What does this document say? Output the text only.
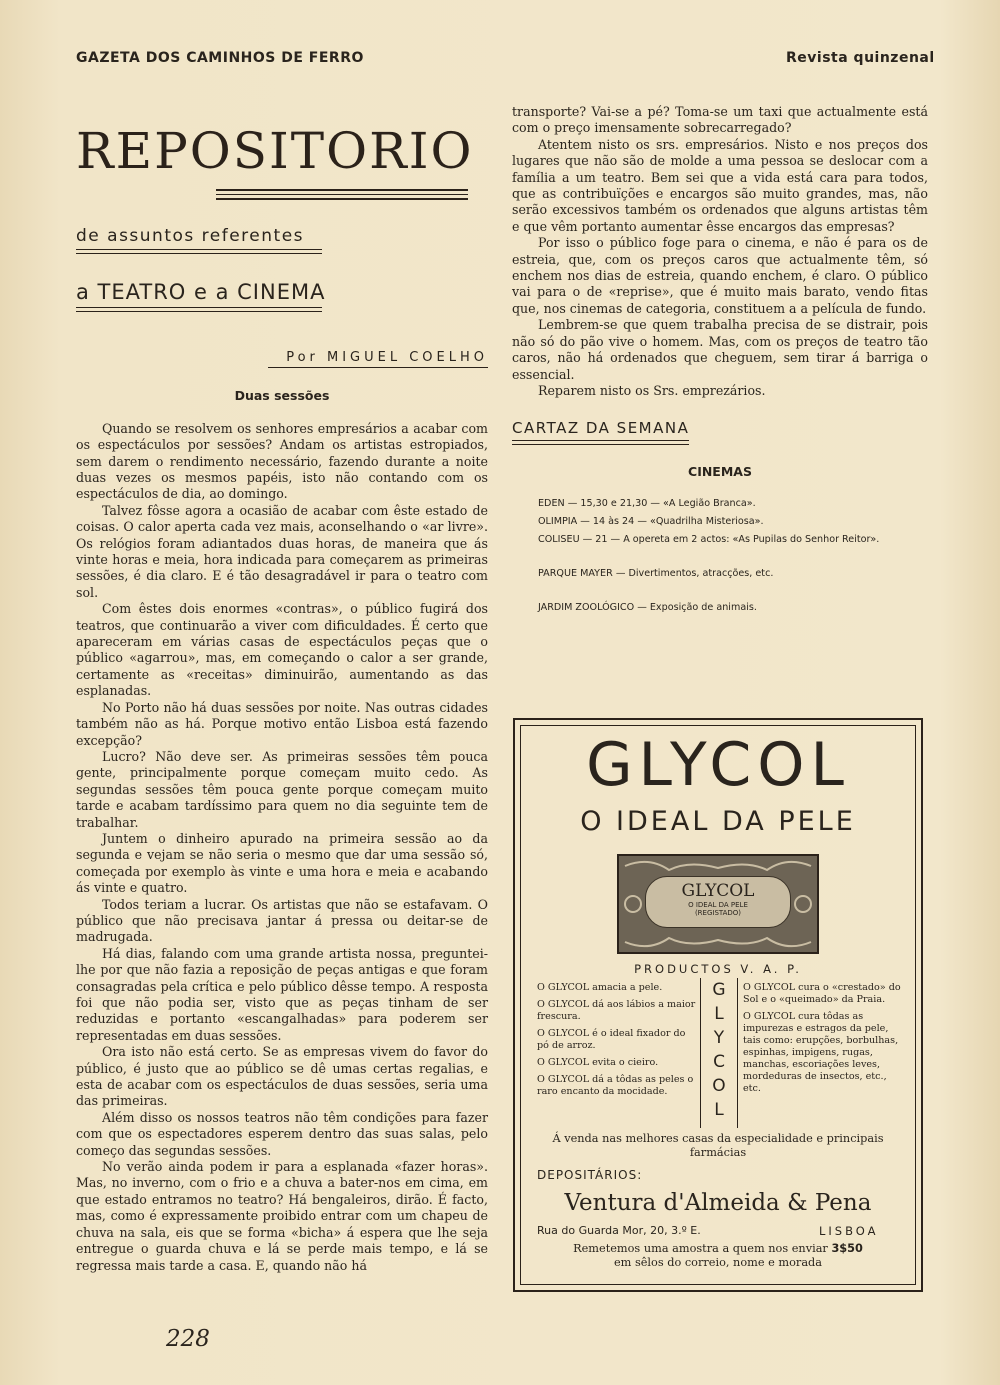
GAZETA DOS CAMINHOS DE FERRO	Revista quinzenal
REPOSITORIO
de assuntos referentes
a TEATRO e a CINEMA
Por MIGUEL COELHO
Duas sessões

Quando se resolvem os senhores empresários a acabar com os espectáculos por sessões? Andam os artistas estropiados, sem darem o rendimento necessário, fazendo durante a noite duas vezes os mesmos papéis, isto não contando com os espectáculos de dia, ao domingo.

Talvez fôsse agora a ocasião de acabar com êste estado de coisas. O calor aperta cada vez mais, aconselhando o «ar livre». Os relógios foram adiantados duas horas, de maneira que ás vinte horas e meia, hora indicada para começarem as primeiras sessões, é dia claro. E é tão desagradável ir para o teatro com sol.

Com êstes dois enormes «contras», o público fugirá dos teatros, que continuarão a viver com dificuldades. É certo que apareceram em várias casas de espectáculos peças que o público «agarrou», mas, em começando o calor a ser grande, certamente as «receitas» diminuirão, aumentando as das esplanadas.

No Porto não há duas sessões por noite. Nas outras cidades também não as há. Porque motivo então Lisboa está fazendo excepção?

Lucro? Não deve ser. As primeiras sessões têm pouca gente, principalmente porque começam muito cedo. As segundas sessões têm pouca gente porque começam muito tarde e acabam tardíssimo para quem no dia seguinte tem de trabalhar.

Juntem o dinheiro apurado na primeira sessão ao da segunda e vejam se não seria o mesmo que dar uma sessão só, começada por exemplo às vinte e uma hora e meia e acabando ás vinte e quatro.

Todos teriam a lucrar. Os artistas que não se estafavam. O público que não precisava jantar á pressa ou deitar-se de madrugada.

Há dias, falando com uma grande artista nossa, preguntei-lhe por que não fazia a reposição de peças antigas e que foram consagradas pela crítica e pelo público dêsse tempo. A resposta foi que não podia ser, visto que as peças tinham de ser reduzidas e portanto «escangalhadas» para poderem ser representadas em duas sessões.

Ora isto não está certo. Se as empresas vivem do favor do público, é justo que ao público se dê umas certas regalias, e esta de acabar com os espectáculos de duas sessões, seria uma das primeiras.

Além disso os nossos teatros não têm condições para fazer com que os espectadores esperem dentro das suas salas, pelo começo das segundas sessões.

No verão ainda podem ir para a esplanada «fazer horas». Mas, no inverno, com o frio e a chuva a bater-nos em cima, em que estado entramos no teatro? Há bengaleiros, dirão. É facto, mas, como é expressamente proibido entrar com um chapeu de chuva na sala, eis que se forma «bicha» á espera que lhe seja entregue o guarda chuva e lá se perde mais tempo, e lá se regressa mais tarde a casa. E, quando não há

transporte? Vai-se a pé? Toma-se um taxi que actualmente está com o preço imensamente sobrecarregado?

Atentem nisto os srs. empresários. Nisto e nos preços dos lugares que não são de molde a uma pessoa se deslocar com a família a um teatro. Bem sei que a vida está cara para todos, que as contribuïções e encargos são muito grandes, mas, não serão excessivos também os ordenados que alguns artistas têm e que vêm portanto aumentar êsse encargos das empresas?

Por isso o público foge para o cinema, e não é para os de estreia, que, com os preços caros que actualmente têm, só enchem nos dias de estreia, quando enchem, é claro. O público vai para o de «reprise», que é muito mais barato, vendo fitas que, nos cinemas de categoria, constituem a a película de fundo.

Lembrem-se que quem trabalha precisa de se distrair, pois não só do pão vive o homem. Mas, com os preços de teatro tão caros, não há ordenados que cheguem, sem tirar á barriga o essencial.

Reparem nisto os Srs. emprezários.

CARTAZ DA SEMANA
CINEMAS
EDEN — 15,30 e 21,30 — «A Legião Branca».
OLIMPIA — 14 às 24 — «Quadrilha Misteriosa».
COLISEU — 21 — A opereta em 2 actos: «As Pupilas do Senhor Reitor».
PARQUE MAYER — Divertimentos, atracções, etc.
JARDIM ZOOLÓGICO — Exposição de animais.
GLYCOL
O IDEAL DA PELE
GLYCOL
O IDEAL DA PELE
(REGISTADO)
PRODUCTOS V. A. P.

O GLYCOL amacia a pele.

O GLYCOL dá aos lábios a maior frescura.

O GLYCOL é o ideal fixador do pó de arroz.

O GLYCOL evita o cieiro.

O GLYCOL dá a tôdas as peles o raro encanto da mocidade.

G
L
Y
C
O
L

O GLYCOL cura o «crestado» do Sol e o «queimado» da Praia.

O GLYCOL cura tôdas as impurezas e estragos da pele, tais como: erupções, borbulhas, espinhas, impigens, rugas, manchas, escoriações leves, mordeduras de insectos, etc., etc.

Á venda nas melhores casas da especialidade e principais farmácias
DEPOSITÁRIOS:
Ventura d'Almeida & Pena
Rua do Guarda Mor, 20, 3.º E.	LISBOA
Remetemos uma amostra a quem nos enviar 3$50
em sêlos do correio, nome e morada
228
